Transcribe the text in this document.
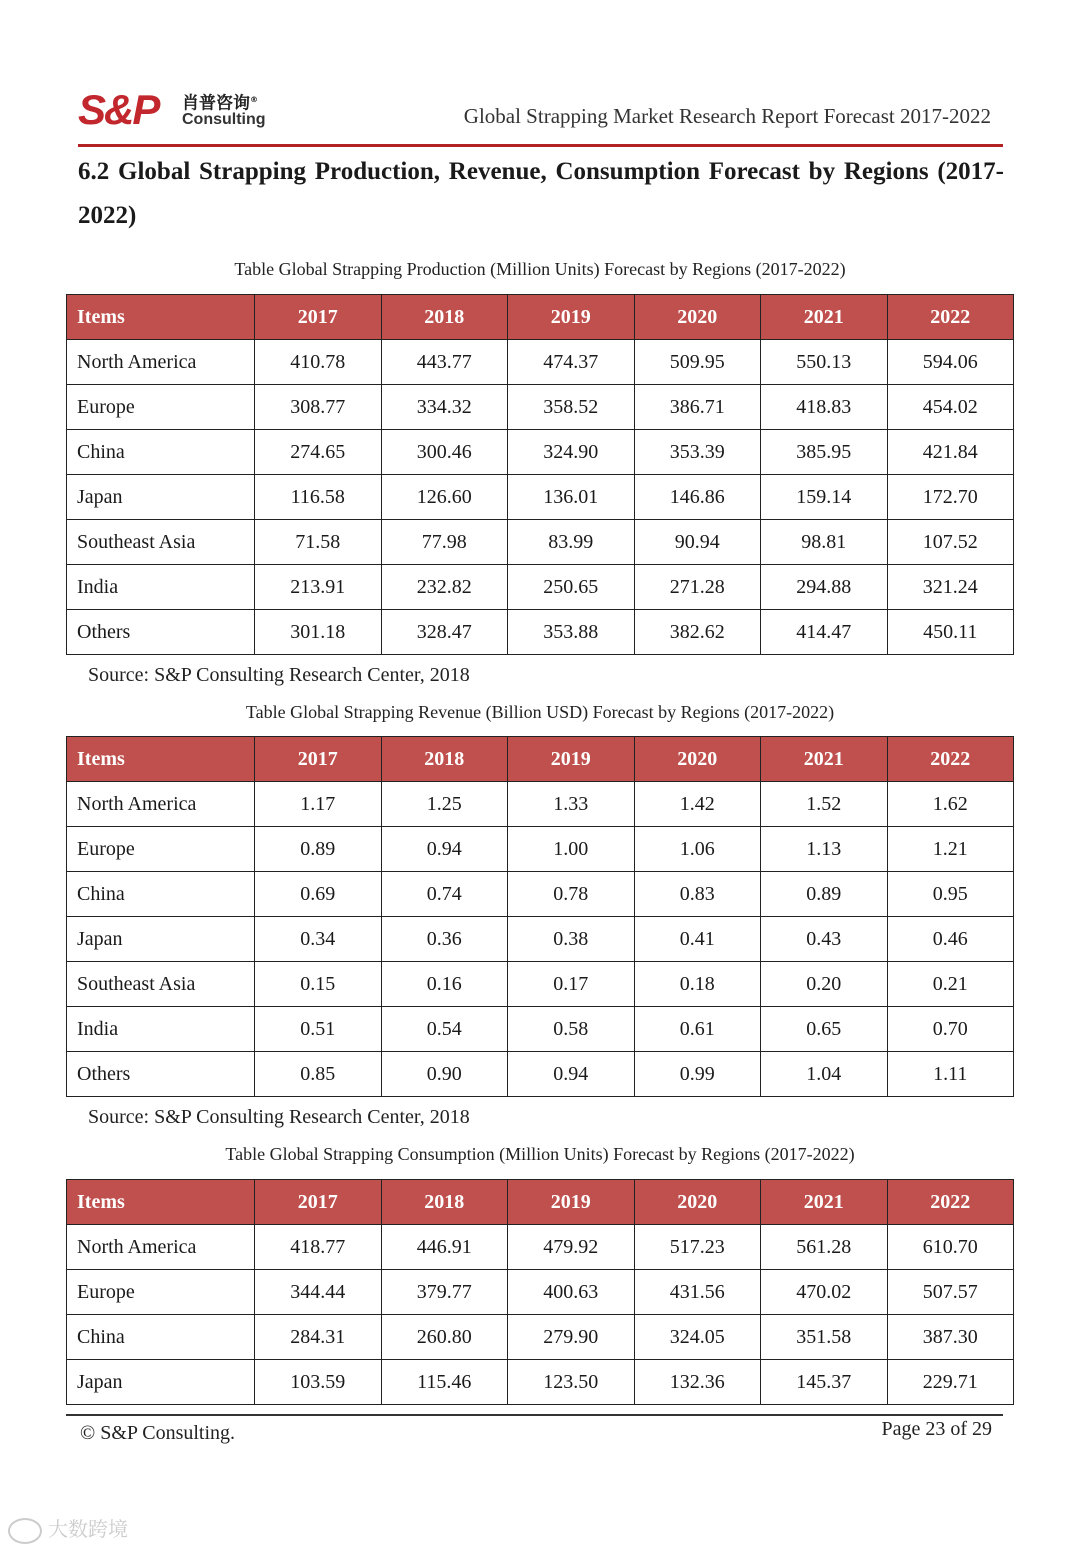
S&P 肖普咨询®
Consulting	Global Strapping Market Research Report Forecast 2017-2022
6.2 Global Strapping Production, Revenue, Consumption Forecast by Regions (2017-2022)
Table Global Strapping Production (Million Units) Forecast by Regions (2017-2022)
Items	2017	2018	2019	2020	2021	2022
North America	410.78	443.77	474.37	509.95	550.13	594.06
Europe	308.77	334.32	358.52	386.71	418.83	454.02
China	274.65	300.46	324.90	353.39	385.95	421.84
Japan	116.58	126.60	136.01	146.86	159.14	172.70
Southeast Asia	71.58	77.98	83.99	90.94	98.81	107.52
India	213.91	232.82	250.65	271.28	294.88	321.24
Others	301.18	328.47	353.88	382.62	414.47	450.11
Source: S&P Consulting Research Center, 2018
Table Global Strapping Revenue (Billion USD) Forecast by Regions (2017-2022)
Items	2017	2018	2019	2020	2021	2022
North America	1.17	1.25	1.33	1.42	1.52	1.62
Europe	0.89	0.94	1.00	1.06	1.13	1.21
China	0.69	0.74	0.78	0.83	0.89	0.95
Japan	0.34	0.36	0.38	0.41	0.43	0.46
Southeast Asia	0.15	0.16	0.17	0.18	0.20	0.21
India	0.51	0.54	0.58	0.61	0.65	0.70
Others	0.85	0.90	0.94	0.99	1.04	1.11
Source: S&P Consulting Research Center, 2018
Table Global Strapping Consumption (Million Units) Forecast by Regions (2017-2022)
Items	2017	2018	2019	2020	2021	2022
North America	418.77	446.91	479.92	517.23	561.28	610.70
Europe	344.44	379.77	400.63	431.56	470.02	507.57
China	284.31	260.80	279.90	324.05	351.58	387.30
Japan	103.59	115.46	123.50	132.36	145.37	229.71
© S&P Consulting.	Page 23 of 29
大数跨境
